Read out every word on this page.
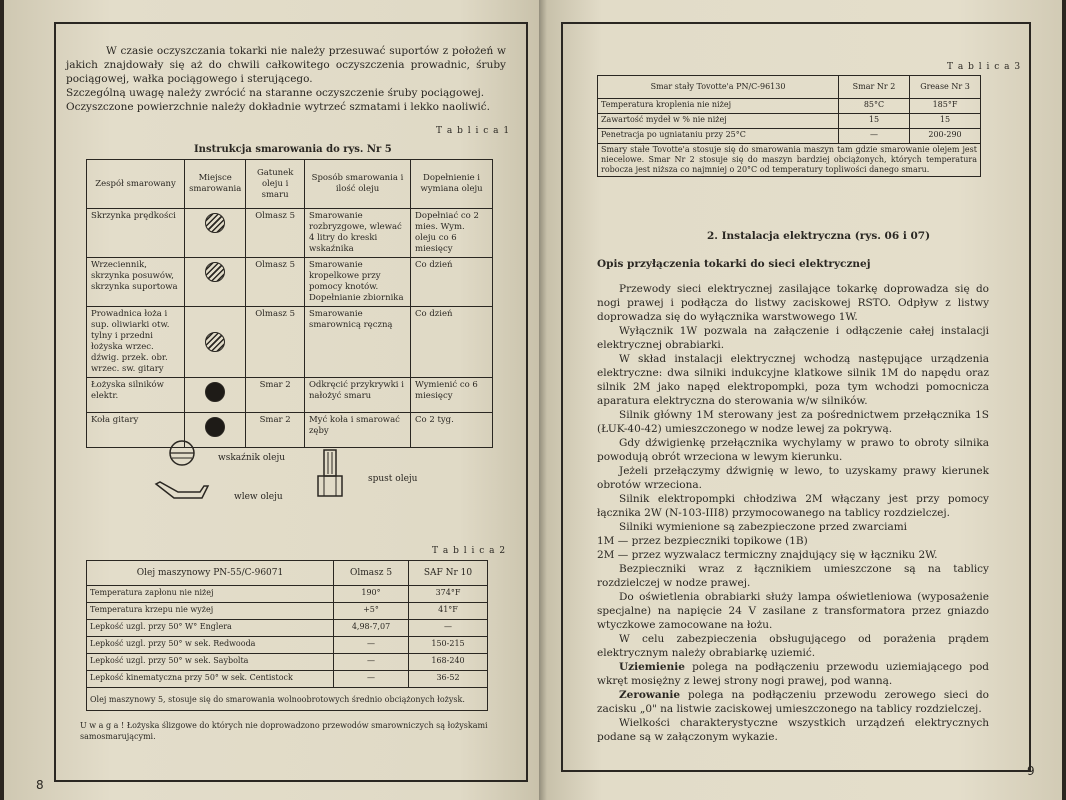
W czasie oczyszczania tokarki nie należy przesuwać suportów z położeń w jakich znajdowały się aż do chwili całkowitego oczyszczenia prowadnic, śruby pociągowej, wałka pociągowego i sterującego.

Szczególną uwagę należy zwrócić na staranne oczyszczenie śruby pociągowej.

Oczyszczone powierzchnie należy dokładnie wytrzeć szmatami i lekko naoliwić.

T a b l i c a 1
Instrukcja smarowania do rys. Nr 5
Zespół smarowany	Miejsce smarowania	Gatunek oleju i smaru	Sposób smarowania i ilość oleju	Dopełnienie i wymiana oleju
Skrzynka prędkości		Olmasz 5	Smarowanie rozbryzgowe, wlewać 4 litry do kreski wskaźnika	Dopełniać co 2 mies. Wym. oleju co 6 miesięcy
Wrzeciennik, skrzynka posuwów, skrzynka suportowa		Olmasz 5	Smarowanie kropelkowe przy pomocy knotów. Dopełnianie zbiornika	Co dzień
Prowadnica łoża i sup. oliwiarki otw. tylny i przedni łożyska wrzec. dźwig. przek. obr. wrzec. sw. gitary		Olmasz 5	Smarowanie smarownicą ręczną	Co dzień
Łożyska silników elektr.		Smar 2	Odkręcić przykrywki i nałożyć smaru	Wymienić co 6 miesięcy
Koła gitary		Smar 2	Myć koła i smarować zęby	Co 2 tyg.
wskaźnik oleju
wlew oleju
spust oleju
T a b l i c a 2
Olej maszynowy PN-55/C-96071	Olmasz 5	SAF Nr 10
Temperatura zapłonu nie niżej	190°	374°F
Temperatura krzepu nie wyżej	+5°	41°F
Lepkość uzgl. przy 50° W° Englera	4,98-7,07	—
Lepkość uzgl. przy 50° w sek. Redwooda	—	150-215
Lepkość uzgl. przy 50° w sek. Saybolta	—	168-240
Lepkość kinematyczna przy 50° w sek. Centistock	—	36-52
Olej maszynowy 5, stosuje się do smarowania wolnoobrotowych średnio obciążonych łożysk.		
U w a g a ! Łożyska ślizgowe do których nie doprowadzono przewodów smarowniczych są łożyskami samosmarującymi.
8
T a b l i c a 3
Smar stały Tovotte'a PN/C-96130	Smar Nr 2	Grease Nr 3
Temperatura kroplenia nie niżej	85°C	185°F
Zawartość mydeł w % nie niżej	15	15
Penetracja po ugniataniu przy 25°C	—	200-290
Smary stałe Tovotte'a stosuje się do smarowania maszyn tam gdzie smarowanie olejem jest niecelowe. Smar Nr 2 stosuje się do maszyn bardziej obciążonych, których temperatura robocza jest niższa co najmniej o 20°C od temperatury topliwości danego smaru.		
2. Instalacja elektryczna (rys. 06 i 07)
Opis przyłączenia tokarki do sieci elektrycznej

Przewody sieci elektrycznej zasilające tokarkę doprowadza się do nogi prawej i podłącza do listwy zaciskowej RSTO. Odpływ z listwy doprowadza się do wyłącznika warstwowego 1W.

Wyłącznik 1W pozwala na załączenie i odłączenie całej instalacji elektrycznej obrabiarki.

W skład instalacji elektrycznej wchodzą następujące urządzenia elektryczne: dwa silniki indukcyjne klatkowe silnik 1M do napędu oraz silnik 2M jako napęd elektropompki, poza tym wchodzi pomocnicza aparatura elektryczna do sterowania w/w silników.

Silnik główny 1M sterowany jest za pośrednictwem przełącznika 1S (ŁUK-40-42) umieszczonego w nodze lewej za pokrywą.

Gdy dźwigienkę przełącznika wychylamy w prawo to obroty silnika powodują obrót wrzeciona w lewym kierunku.

Jeżeli przełączymy dźwignię w lewo, to uzyskamy prawy kierunek obrotów wrzeciona.

Silnik elektropompki chłodziwa 2M włączany jest przy pomocy łącznika 2W (N-103-III8) przymocowanego na tablicy rozdzielczej.

Silniki wymienione są zabezpieczone przed zwarciami

1M — przez bezpieczniki topikowe (1B)

2M — przez wyzwalacz termiczny znajdujący się w łączniku 2W.

Bezpieczniki wraz z łącznikiem umieszczone są na tablicy rozdzielczej w nodze prawej.

Do oświetlenia obrabiarki służy lampa oświetleniowa (wyposażenie specjalne) na napięcie 24 V zasilane z transformatora przez gniazdo wtyczkowe zamocowane na łożu.

W celu zabezpieczenia obsługującego od porażenia prądem elektrycznym należy obrabiarkę uziemić.

Uziemienie polega na podłączeniu przewodu uziemiającego pod wkręt mosiężny z lewej strony nogi prawej, pod wanną.

Zerowanie polega na podłączeniu przewodu zerowego sieci do zacisku „0" na listwie zaciskowej umieszczonego na tablicy rozdzielczej.

Wielkości charakterystyczne wszystkich urządzeń elektrycznych podane są w załączonym wykazie.

9
